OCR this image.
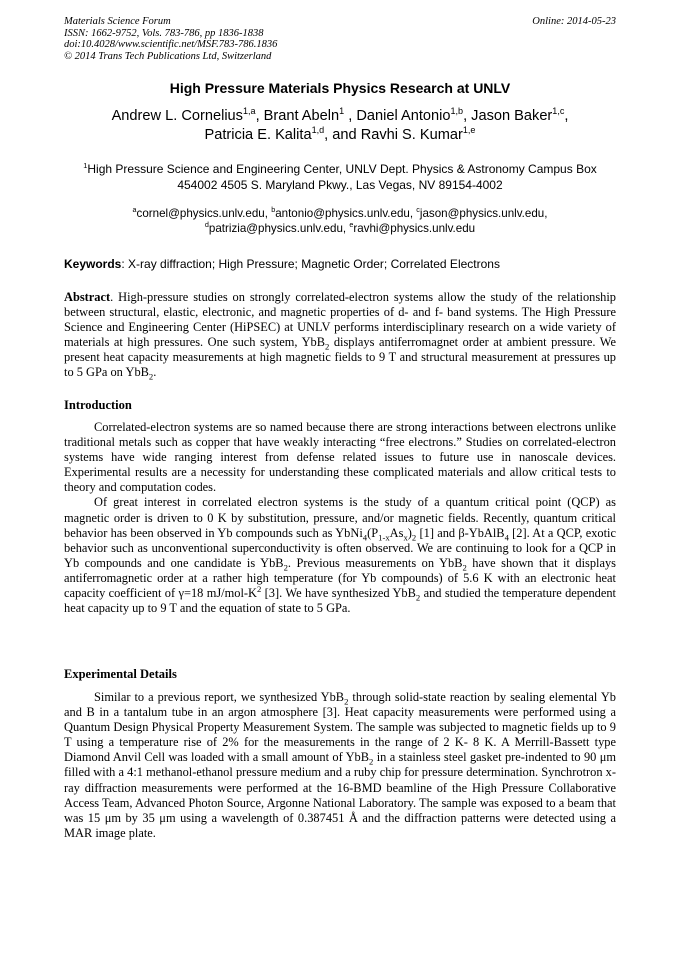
Materials Science Forum
ISSN: 1662-9752, Vols. 783-786, pp 1836-1838
doi:10.4028/www.scientific.net/MSF.783-786.1836
© 2014 Trans Tech Publications Ltd, Switzerland
Online: 2014-05-23
High Pressure Materials Physics Research at UNLV
Andrew L. Cornelius$^{1,a}$, Brant Abeln$^1$ , Daniel Antonio$^{1,b}$, Jason Baker$^{1,c}$,
Patricia E. Kalita$^{1,d}$, and Ravhi S. Kumar$^{1,e}$
$^1$High Pressure Science and Engineering Center, UNLV Dept. Physics & Astronomy Campus Box
454002 4505 S. Maryland Pkwy., Las Vegas, NV 89154-4002
$^a$cornel@physics.unlv.edu, $^b$antonio@physics.unlv.edu, $^c$jason@physics.unlv.edu,
$^d$patrizia@physics.unlv.edu, $^e$ravhi@physics.unlv.edu
Keywords: X-ray diffraction; High Pressure; Magnetic Order; Correlated Electrons
Abstract. High-pressure studies on strongly correlated-electron systems allow the study of the relationship between structural, elastic, electronic, and magnetic properties of d- and f- band systems. The High Pressure Science and Engineering Center (HiPSEC) at UNLV performs interdisciplinary research on a wide variety of materials at high pressures. One such system, YbB$_2$ displays antiferromagnet order at ambient pressure. We present heat capacity measurements at high magnetic fields to 9 T and structural measurement at pressures up to 5 GPa on YbB$_2$.
Introduction

Correlated-electron systems are so named because there are strong interactions between electrons unlike traditional metals such as copper that have weakly interacting “free electrons.” Studies on correlated-electron systems have wide ranging interest from defense related issues to future use in nanoscale devices. Experimental results are a necessity for understanding these complicated materials and allow critical tests to theory and computation codes.

Of great interest in correlated electron systems is the study of a quantum critical point (QCP) as magnetic order is driven to 0 K by substitution, pressure, and/or magnetic fields. Recently, quantum critical behavior has been observed in Yb compounds such as $YbNi_4(P_{1-x}As_x)_2$ [1] and β-YbAlB$_4$ [2]. At a QCP, exotic behavior such as unconventional superconductivity is often observed. We are continuing to look for a QCP in Yb compounds and one candidate is YbB$_2$. Previous measurements on YbB$_2$ have shown that it displays antiferromagnetic order at a rather high temperature (for Yb compounds) of 5.6 K with an electronic heat capacity coefficient of γ=18 $mJ/mol-K^2$ [3]. We have synthesized YbB$_2$ and studied the temperature dependent heat capacity up to 9 T and the equation of state to 5 GPa.

Experimental Details

Similar to a previous report, we synthesized YbB$_2$ through solid-state reaction by sealing elemental Yb and B in a tantalum tube in an argon atmosphere [3]. Heat capacity measurements were performed using a Quantum Design Physical Property Measurement System. The sample was subjected to magnetic fields up to 9 T using a temperature rise of 2% for the measurements in the range of 2 K- 8 K. A Merrill-Bassett type Diamond Anvil Cell was loaded with a small amount of YbB$_2$ in a stainless steel gasket pre-indented to 90 μm filled with a 4:1 methanol-ethanol pressure medium and a ruby chip for pressure determination. Synchrotron x-ray diffraction measurements were performed at the 16-BMD beamline of the High Pressure Collaborative Access Team, Advanced Photon Source, Argonne National Laboratory. The sample was exposed to a beam that was 15 μm by 35 μm using a wavelength of 0.387451 Å and the diffraction patterns were detected using a MAR image plate.
